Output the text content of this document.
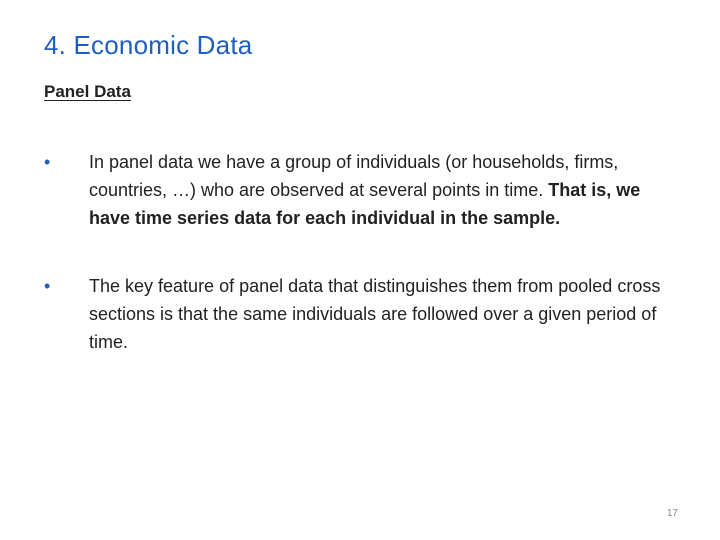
4. Economic Data
Panel Data
• In panel data we have a group of individuals (or households, firms, countries, …) who are observed at several points in time. That is, we have time series data for each individual in the sample.
• The key feature of panel data that distinguishes them from pooled cross sections is that the same individuals are followed over a given period of time.
17
